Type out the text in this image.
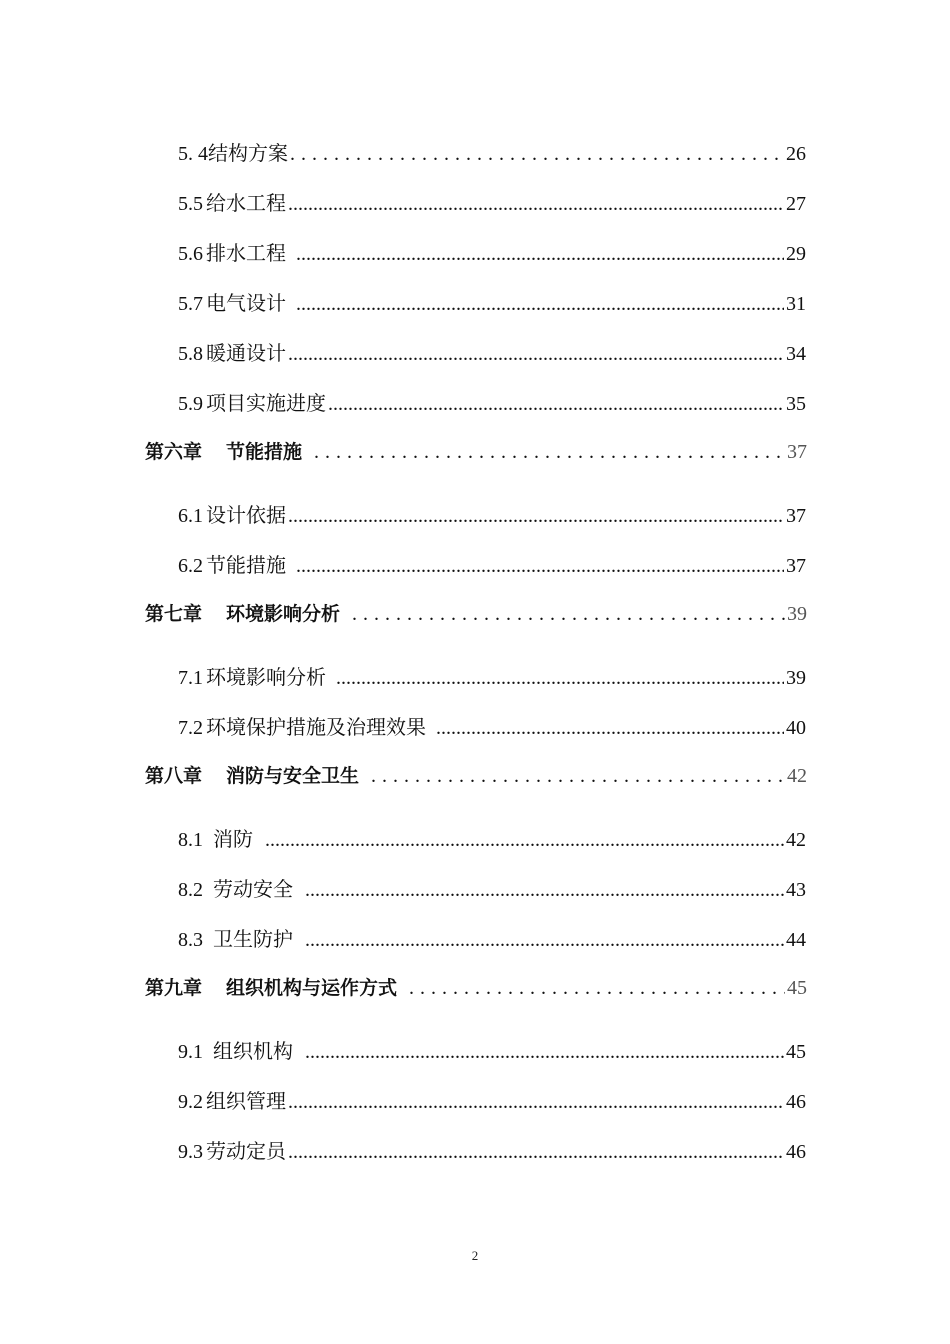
5. 4 结构方案 .....	26
5.5 给水工程 .....	27
5.6 排水工程 .....	29
5.7 电气设计 .....	31
5.8 暖通设计 .....	34
5.9 项目实施进度 .....	35
第六章 节能措施 .....	37
6.1 设计依据 .....	37
6.2 节能措施 .....	37
第七章 环境影响分析 .....	39
7.1 环境影响分析 .....	39
7.2 环境保护措施及治理效果 .....	40
第八章 消防与安全卫生 .....	42
8.1 消防 .....	42
8.2 劳动安全 .....	43
8.3 卫生防护 .....	44
第九章 组织机构与运作方式 .....	45
9.1 组织机构 .....	45
9.2 组织管理 .....	46
9.3 劳动定员 .....	46
2
